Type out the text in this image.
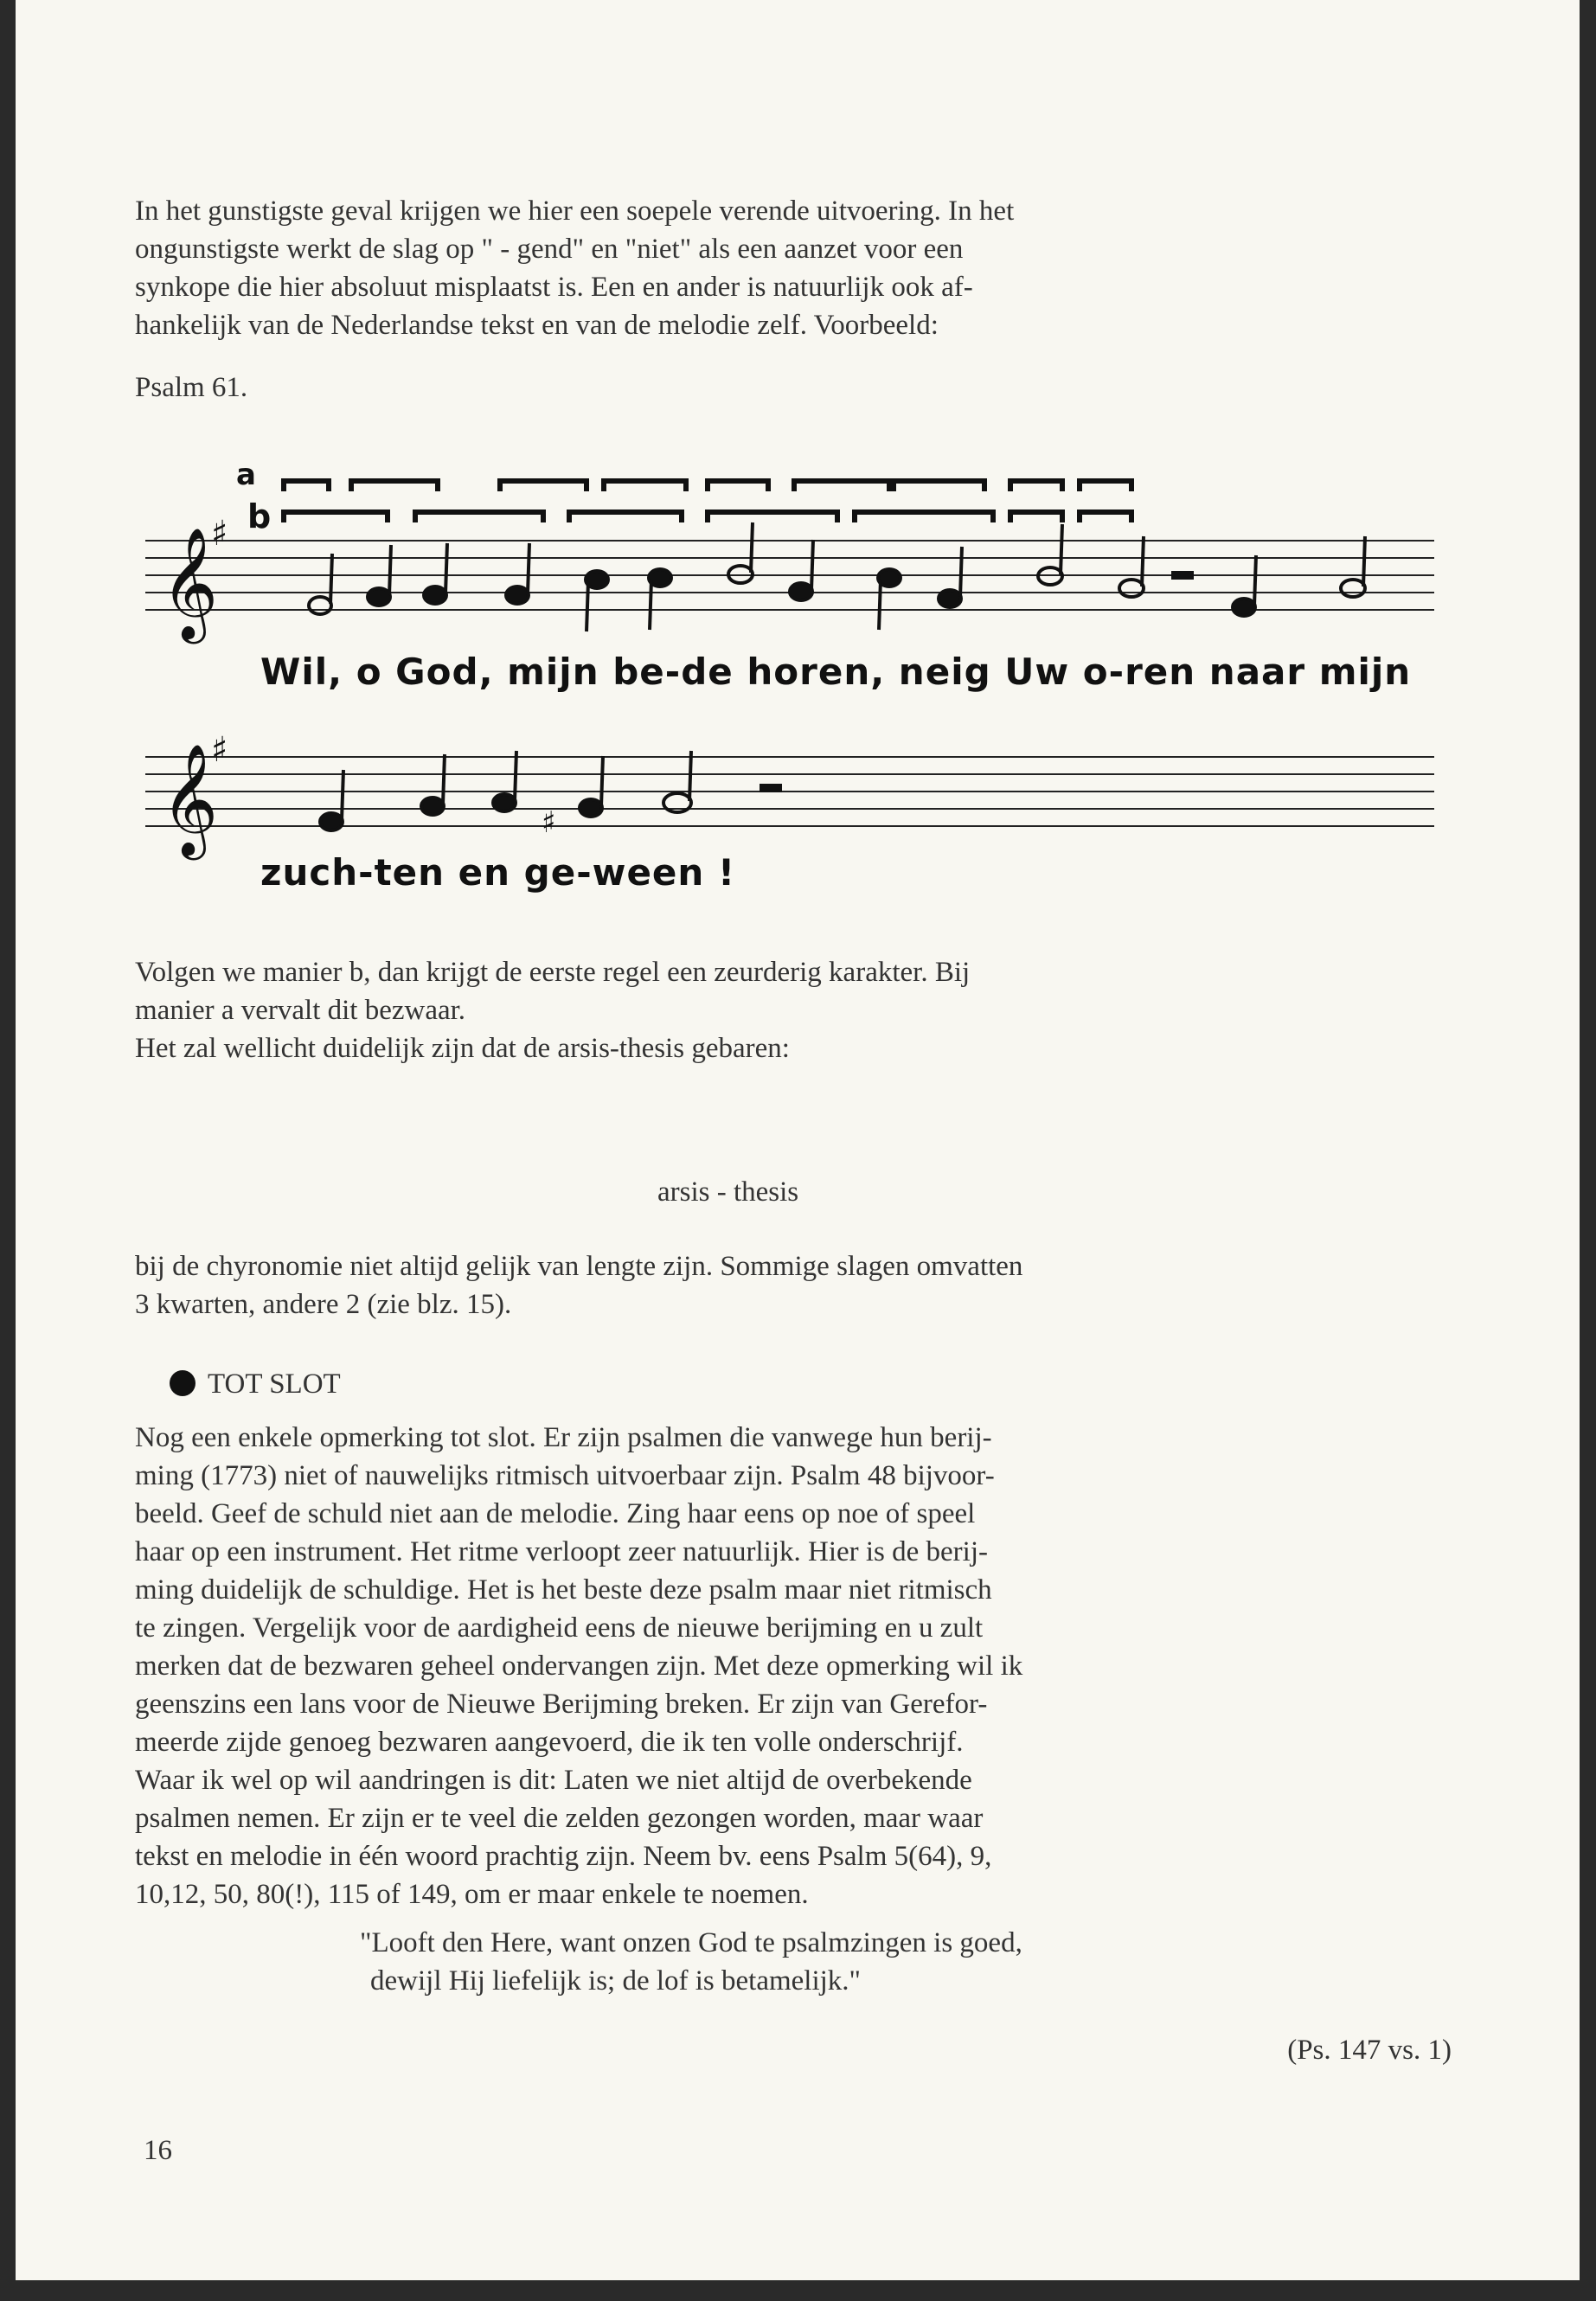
In het gunstigste geval krijgen we hier een soepele verende uitvoering. In het

ongunstigste werkt de slag op " - gend" en "niet" als een aanzet voor een

synkope die hier absoluut misplaatst is. Een en ander is natuurlijk ook af-

hankelijk van de Nederlandse tekst en van de melodie zelf. Voorbeeld:

Psalm 61.
a
b
𝄞
♯
𝄞
♯
♯
Wil, o God, mijn be-de horen, neig Uw o-ren naar mijn
zuch-ten en ge-ween !

Volgen we manier b, dan krijgt de eerste regel een zeurderig karakter. Bij

manier a vervalt dit bezwaar.

Het zal wellicht duidelijk zijn dat de arsis-thesis gebaren:

arsis - thesis

bij de chyronomie niet altijd gelijk van lengte zijn. Sommige slagen omvatten

3 kwarten, andere 2 (zie blz. 15).

TOT SLOT

Nog een enkele opmerking tot slot. Er zijn psalmen die vanwege hun berij-

ming (1773) niet of nauwelijks ritmisch uitvoerbaar zijn. Psalm 48 bijvoor-

beeld. Geef de schuld niet aan de melodie. Zing haar eens op noe of speel

haar op een instrument. Het ritme verloopt zeer natuurlijk. Hier is de berij-

ming duidelijk de schuldige. Het is het beste deze psalm maar niet ritmisch

te zingen. Vergelijk voor de aardigheid eens de nieuwe berijming en u zult

merken dat de bezwaren geheel ondervangen zijn. Met deze opmerking wil ik

geenszins een lans voor de Nieuwe Berijming breken. Er zijn van Gerefor-

meerde zijde genoeg bezwaren aangevoerd, die ik ten volle onderschrijf.

Waar ik wel op wil aandringen is dit: Laten we niet altijd de overbekende

psalmen nemen. Er zijn er te veel die zelden gezongen worden, maar waar

tekst en melodie in één woord prachtig zijn. Neem bv. eens Psalm 5(64), 9,

10,12, 50, 80(!), 115 of 149, om er maar enkele te noemen.

"Looft den Here, want onzen God te psalmzingen is goed,

dewijl Hij liefelijk is; de lof is betamelijk."

(Ps. 147 vs. 1)
16
